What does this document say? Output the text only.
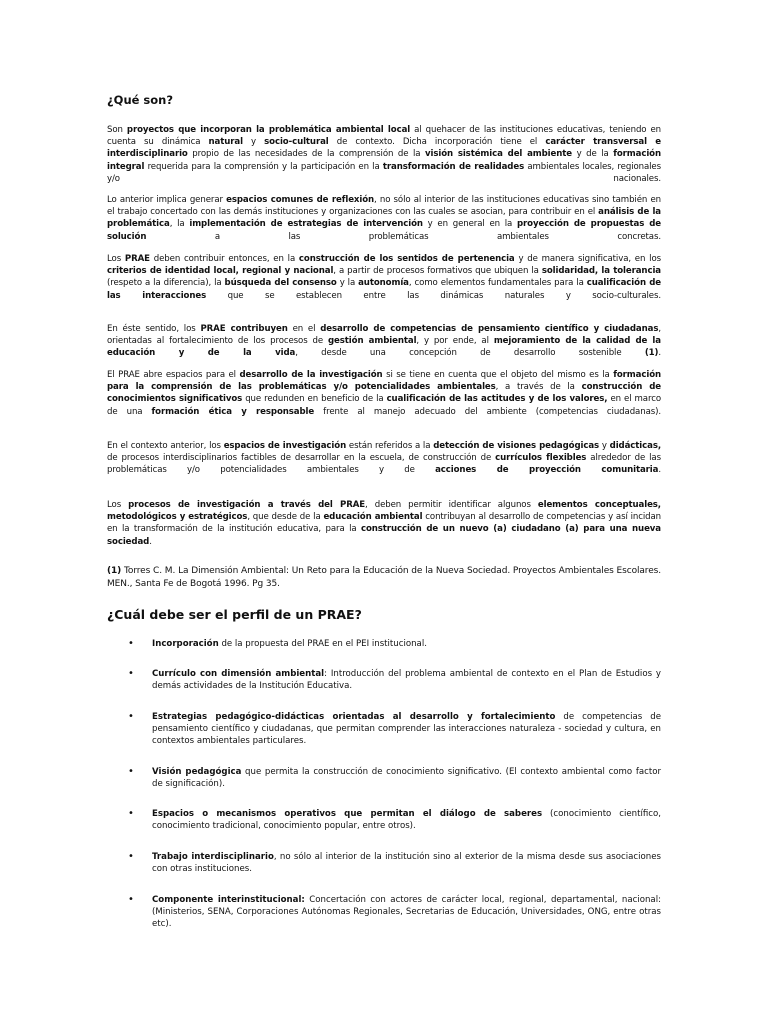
¿Qué son?
Son proyectos que incorporan la problemática ambiental local al quehacer de las instituciones educativas, teniendo en cuenta su dinámica natural y socio-cultural de contexto. Dicha incorporación tiene el carácter transversal e interdisciplinario propio de las necesidades de la comprensión de la visión sistémica del ambiente y de la formación integral requerida para la comprensión y la participación en la transformación de realidades ambientales locales, regionales y/o nacionales.
Lo anterior implica generar espacios comunes de reflexión, no sólo al interior de las instituciones educativas sino también en el trabajo concertado con las demás instituciones y organizaciones con las cuales se asocian, para contribuir en el análisis de la problemática, la implementación de estrategias de intervención y en general en la proyección de propuestas de solución a las problemáticas ambientales concretas.
Los PRAE deben contribuir entonces, en la construcción de los sentidos de pertenencia y de manera significativa, en los criterios de identidad local, regional y nacional, a partir de procesos formativos que ubiquen la solidaridad, la tolerancia (respeto a la diferencia), la búsqueda del consenso y la autonomía, como elementos fundamentales para la cualificación de las interacciones que se establecen entre las dinámicas naturales y socio-culturales.
En éste sentido, los PRAE contribuyen en el desarrollo de competencias de pensamiento científico y ciudadanas, orientadas al fortalecimiento de los procesos de gestión ambiental, y por ende, al mejoramiento de la calidad de la educación y de la vida, desde una concepción de desarrollo sostenible (1).
El PRAE abre espacios para el desarrollo de la investigación si se tiene en cuenta que el objeto del mismo es la formación para la comprensión de las problemáticas y/o potencialidades ambientales, a través de la construcción de conocimientos significativos que redunden en beneficio de la cualificación de las actitudes y de los valores, en el marco de una formación ética y responsable frente al manejo adecuado del ambiente (competencias ciudadanas).
En el contexto anterior, los espacios de investigación están referidos a la detección de visiones pedagógicas y didácticas, de procesos interdisciplinarios factibles de desarrollar en la escuela, de construcción de currículos flexibles alrededor de las problemáticas y/o potencialidades ambientales y de acciones de proyección comunitaria.
Los procesos de investigación a través del PRAE, deben permitir identificar algunos elementos conceptuales, metodológicos y estratégicos, que desde de la educación ambiental contribuyan al desarrollo de competencias y así incidan en la transformación de la institución educativa, para la construcción de un nuevo (a) ciudadano (a) para una nueva sociedad.
(1) Torres C. M. La Dimensión Ambiental: Un Reto para la Educación de la Nueva Sociedad. Proyectos Ambientales Escolares. MEN., Santa Fe de Bogotá 1996. Pg 35.
¿Cuál debe ser el perfil de un PRAE?
• Incorporación de la propuesta del PRAE en el PEI institucional.
• Currículo con dimensión ambiental: Introducción del problema ambiental de contexto en el Plan de Estudios y demás actividades de la Institución Educativa.
• Estrategias pedagógico-didácticas orientadas al desarrollo y fortalecimiento de competencias de pensamiento científico y ciudadanas, que permitan comprender las interacciones naturaleza - sociedad y cultura, en contextos ambientales particulares.
• Visión pedagógica que permita la construcción de conocimiento significativo. (El contexto ambiental como factor de significación).
• Espacios o mecanismos operativos que permitan el diálogo de saberes (conocimiento científico, conocimiento tradicional, conocimiento popular, entre otros).
• Trabajo interdisciplinario, no sólo al interior de la institución sino al exterior de la misma desde sus asociaciones con otras instituciones.
• Componente interinstitucional: Concertación con actores de carácter local, regional, departamental, nacional: (Ministerios, SENA, Corporaciones Autónomas Regionales, Secretarias de Educación, Universidades, ONG, entre otras etc).
